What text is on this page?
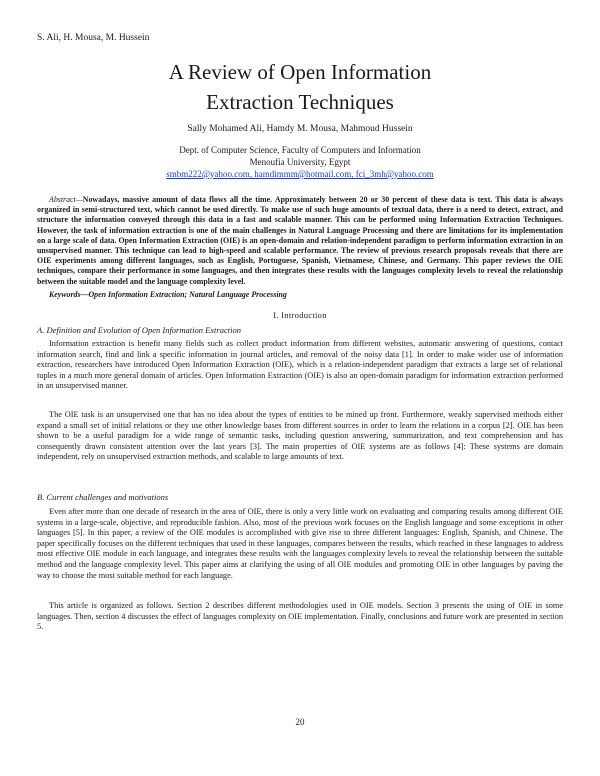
S. Ali, H. Mousa, M. Hussein
A Review of Open Information
Extraction Techniques
Sally Mohamed Ali, Hamdy M. Mousa, Mahmoud Hussein
Dept. of Computer Science, Faculty of Computers and Information
Menoufia University, Egypt
smbm222@yahoo.com, hamdimmm@hotmail.com, fci_3mh@yahoo.com

Abstract—Nowadays, massive amount of data flows all the time. Approximately between 20 or 30 percent of these data is text. This data is always organized in semi-structured text, which cannot be used directly. To make use of such huge amounts of textual data, there is a need to detect, extract, and structure the information conveyed through this data in a fast and scalable manner. This can be performed using Information Extraction Techniques. However, the task of information extraction is one of the main challenges in Natural Language Processing and there are limitations for its implementation on a large scale of data. Open Information Extraction (OIE) is an open-domain and relation-independent paradigm to perform information extraction in an unsupervised manner. This technique can lead to high-speed and scalable performance. The review of previous research proposals reveals that there are OIE experiments among different languages, such as English, Portuguese, Spanish, Vietnamese, Chinese, and Germany. This paper reviews the OIE techniques, compare their performance in some languages, and then integrates these results with the languages complexity levels to reveal the relationship between the suitable model and the language complexity level.

Keywords—Open Information Extraction; Natural Language Processing
I. Introduction
A. Definition and Evolution of Open Information Extraction

Information extraction is benefit many fields such as collect product information from different websites, automatic answering of questions, contact information search, find and link a specific information in journal articles, and removal of the noisy data [1]. In order to make wider use of information extraction, researchers have introduced Open Information Extraction (OIE), which is a relation-independent paradigm that extracts a large set of relational tuples in a much more general domain of articles. Open Information Extraction (OIE) is also an open-domain paradigm for information extraction performed in an unsupervised manner.

The OIE task is an unsupervised one that has no idea about the types of entities to be mined up front. Furthermore, weakly supervised methods either expand a small set of initial relations or they use other knowledge bases from different sources in order to learn the relations in a corpus [2]. OIE has been shown to be a useful paradigm for a wide range of semantic tasks, including question answering, summarization, and text comprehension and has consequently drawn consistent attention over the last years [3]. The main properties of OIE systems are as follows [4]: These systems are domain independent, rely on unsupervised extraction methods, and scalable to large amounts of text.

B. Current challenges and motivations

Even after more than one decade of research in the area of OIE, there is only a very little work on evaluating and comparing results among different OIE systems in a large-scale, objective, and reproducible fashion. Also, most of the previous work focuses on the English language and some exceptions in other languages [5]. In this paper, a review of the OIE modules is accomplished with give rise to three different languages: English, Spanish, and Chinese. The paper specifically focuses on the different techniques that used in these languages, compares between the results, which reached in these languages to address most effective OIE module in each language, and integrates these results with the languages complexity levels to reveal the relationship between the suitable method and the language complexity level. This paper aims at clarifying the using of all OIE modules and promoting OIE in other languages by paving the way to choose the most suitable method for each language.

This article is organized as follows. Section 2 describes different methodologies used in OIE models. Section 3 presents the using of OIE in some languages. Then, section 4 discusses the effect of languages complexity on OIE implementation. Finally, conclusions and future work are presented in section 5.

20
